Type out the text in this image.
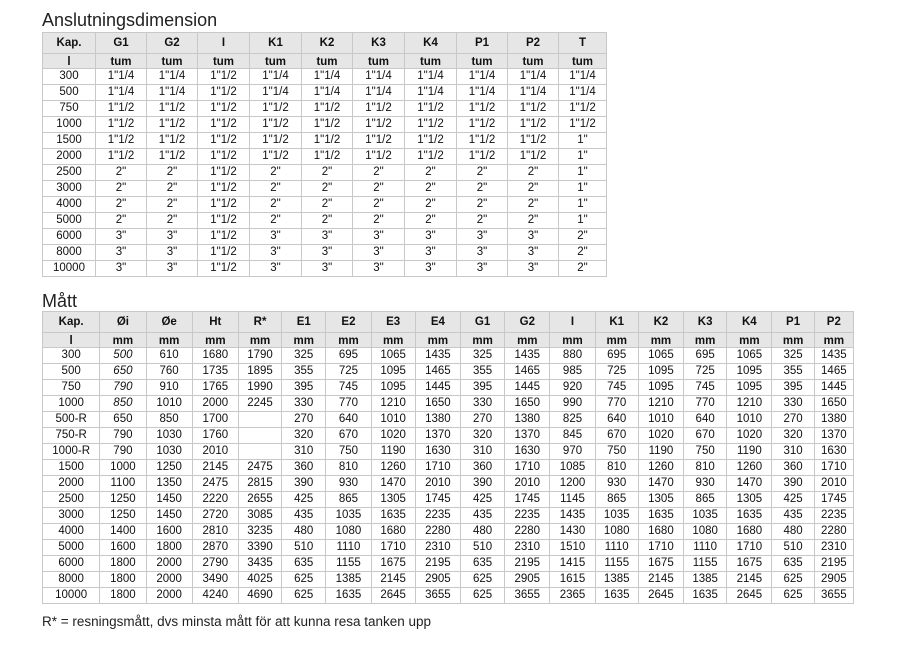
Anslutningsdimension
Kap.	G1	G2	I	K1	K2	K3	K4	P1	P2	T
l	tum	tum	tum	tum	tum	tum	tum	tum	tum	tum
300	1"1/4	1"1/4	1"1/2	1"1/4	1"1/4	1"1/4	1"1/4	1"1/4	1"1/4	1"1/4
500	1"1/4	1"1/4	1"1/2	1"1/4	1"1/4	1"1/4	1"1/4	1"1/4	1"1/4	1"1/4
750	1"1/2	1"1/2	1"1/2	1"1/2	1"1/2	1"1/2	1"1/2	1"1/2	1"1/2	1"1/2
1000	1"1/2	1"1/2	1"1/2	1"1/2	1"1/2	1"1/2	1"1/2	1"1/2	1"1/2	1"1/2
1500	1"1/2	1"1/2	1"1/2	1"1/2	1"1/2	1"1/2	1"1/2	1"1/2	1"1/2	1"
2000	1"1/2	1"1/2	1"1/2	1"1/2	1"1/2	1"1/2	1"1/2	1"1/2	1"1/2	1"
2500	2"	2"	1"1/2	2"	2"	2"	2"	2"	2"	1"
3000	2"	2"	1"1/2	2"	2"	2"	2"	2"	2"	1"
4000	2"	2"	1"1/2	2"	2"	2"	2"	2"	2"	1"
5000	2"	2"	1"1/2	2"	2"	2"	2"	2"	2"	1"
6000	3"	3"	1"1/2	3"	3"	3"	3"	3"	3"	2"
8000	3"	3"	1"1/2	3"	3"	3"	3"	3"	3"	2"
10000	3"	3"	1"1/2	3"	3"	3"	3"	3"	3"	2"
Mått
Kap.	Øi	Øe	Ht	R*	E1	E2	E3	E4	G1	G2	I	K1	K2	K3	K4	P1	P2
l	mm	mm	mm	mm	mm	mm	mm	mm	mm	mm	mm	mm	mm	mm	mm	mm	mm
300	500	610	1680	1790	325	695	1065	1435	325	1435	880	695	1065	695	1065	325	1435
500	650	760	1735	1895	355	725	1095	1465	355	1465	985	725	1095	725	1095	355	1465
750	790	910	1765	1990	395	745	1095	1445	395	1445	920	745	1095	745	1095	395	1445
1000	850	1010	2000	2245	330	770	1210	1650	330	1650	990	770	1210	770	1210	330	1650
500-R	650	850	1700		270	640	1010	1380	270	1380	825	640	1010	640	1010	270	1380
750-R	790	1030	1760		320	670	1020	1370	320	1370	845	670	1020	670	1020	320	1370
1000-R	790	1030	2010		310	750	1190	1630	310	1630	970	750	1190	750	1190	310	1630
1500	1000	1250	2145	2475	360	810	1260	1710	360	1710	1085	810	1260	810	1260	360	1710
2000	1100	1350	2475	2815	390	930	1470	2010	390	2010	1200	930	1470	930	1470	390	2010
2500	1250	1450	2220	2655	425	865	1305	1745	425	1745	1145	865	1305	865	1305	425	1745
3000	1250	1450	2720	3085	435	1035	1635	2235	435	2235	1435	1035	1635	1035	1635	435	2235
4000	1400	1600	2810	3235	480	1080	1680	2280	480	2280	1430	1080	1680	1080	1680	480	2280
5000	1600	1800	2870	3390	510	1110	1710	2310	510	2310	1510	1110	1710	1110	1710	510	2310
6000	1800	2000	2790	3435	635	1155	1675	2195	635	2195	1415	1155	1675	1155	1675	635	2195
8000	1800	2000	3490	4025	625	1385	2145	2905	625	2905	1615	1385	2145	1385	2145	625	2905
10000	1800	2000	4240	4690	625	1635	2645	3655	625	3655	2365	1635	2645	1635	2645	625	3655
R* = resningsmått, dvs minsta mått för att kunna resa tanken upp
